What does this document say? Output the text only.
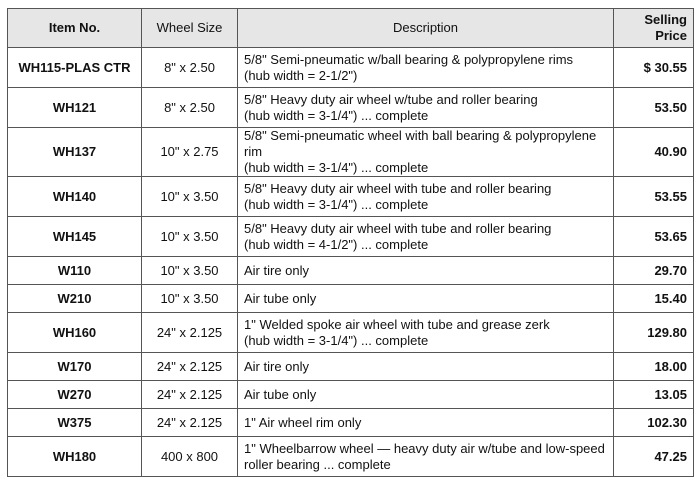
Item No.	Wheel Size	Description	Selling
Price

WH115-PLAS CTR	8" x 2.50	5/8" Semi-pneumatic w/ball bearing & polypropylene rims
(hub width = 2-1/2")	$ 30.55
WH121	8" x 2.50	5/8" Heavy duty air wheel w/tube and roller bearing
(hub width = 3-1/4") ... complete	53.50
WH137	10" x 2.75	5/8" Semi-pneumatic wheel with ball bearing & polypropylene rim
(hub width = 3-1/4") ... complete	40.90
WH140	10" x 3.50	5/8" Heavy duty air wheel with tube and roller bearing
(hub width = 3-1/4") ... complete	53.55
WH145	10" x 3.50	5/8" Heavy duty air wheel with tube and roller bearing
(hub width = 4-1/2") ... complete	53.65
W110	10" x 3.50	Air tire only	29.70
W210	10" x 3.50	Air tube only	15.40
WH160	24" x 2.125	1" Welded spoke air wheel with tube and grease zerk
(hub width = 3-1/4") ... complete	129.80
W170	24" x 2.125	Air tire only	18.00
W270	24" x 2.125	Air tube only	13.05
W375	24" x 2.125	1" Air wheel rim only	102.30
WH180	400 x 800	1" Wheelbarrow wheel — heavy duty air w/tube and low-speed
roller bearing ... complete	47.25
